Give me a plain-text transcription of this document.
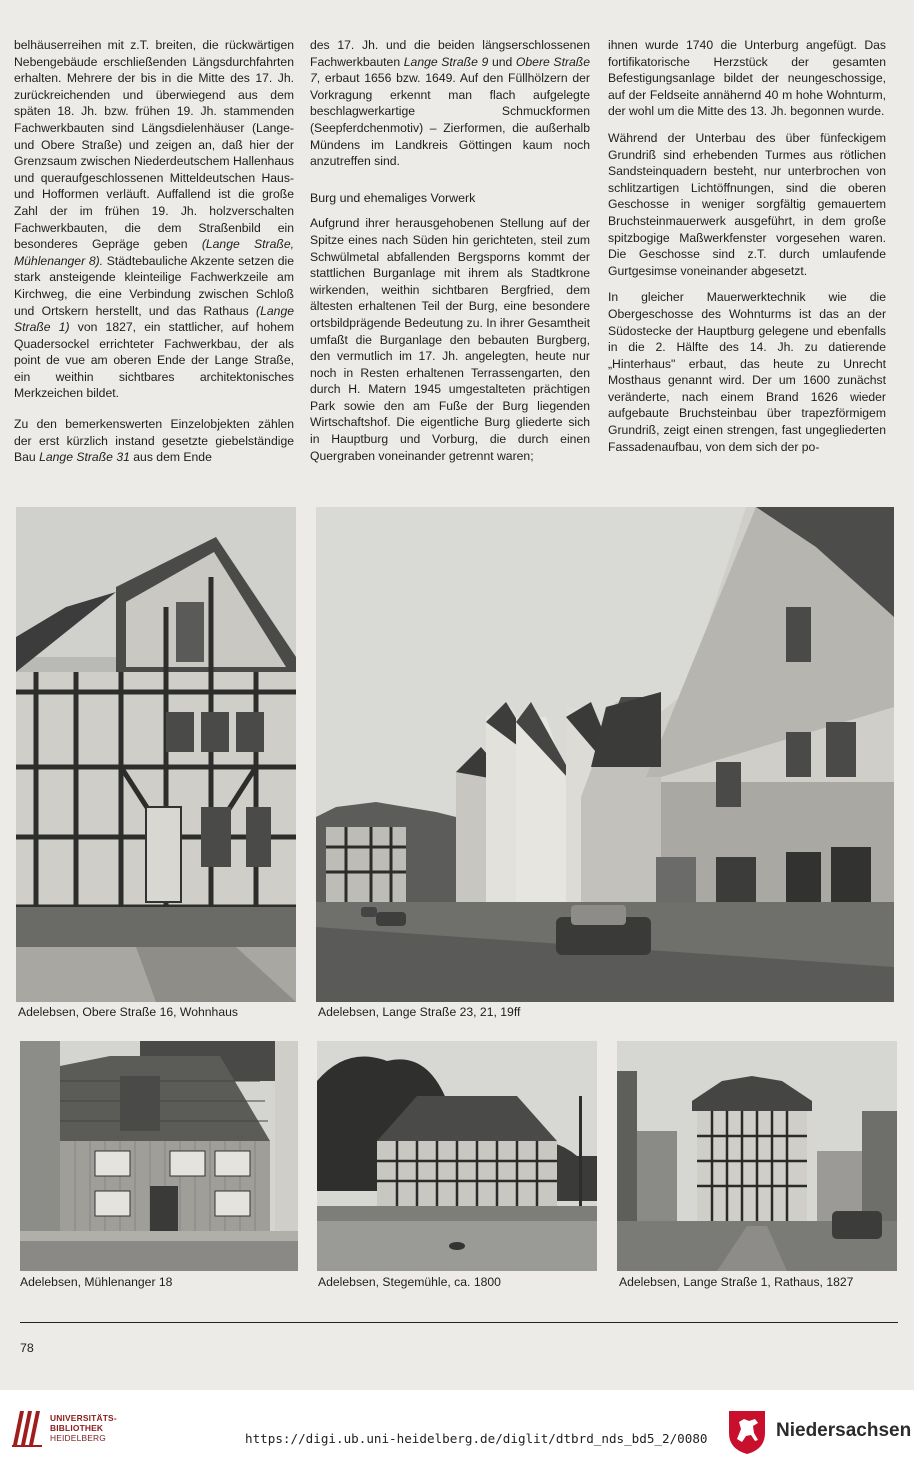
belhäuserreihen mit z.T. breiten, die rückwärtigen Nebengebäude erschließenden Längsdurchfahrten erhalten. Mehrere der bis in die Mitte des 17. Jh. zurückreichenden und überwiegend aus dem späten 18. Jh. bzw. frühen 19. Jh. stammenden Fachwerkbauten sind Längsdielenhäuser (Lange- und Obere Straße) und zeigen an, daß hier der Grenzsaum zwischen Niederdeutschem Hallenhaus und queraufgeschlossenen Mitteldeutschen Haus- und Hofformen verläuft. Auffallend ist die große Zahl der im frühen 19. Jh. holzverschalten Fachwerkbauten, die dem Straßenbild ein besonderes Gepräge geben (Lange Straße, Mühlenanger 8). Städtebauliche Akzente setzen die stark ansteigende kleinteilige Fachwerkzeile am Kirchweg, die eine Verbindung zwischen Schloß und Ortskern herstellt, und das Rathaus (Lange Straße 1) von 1827, ein stattlicher, auf hohem Quadersockel errichteter Fachwerkbau, der als point de vue am oberen Ende der Lange Straße, ein weithin sichtbares architektonisches Merkzeichen bildet.

Zu den bemerkenswerten Einzelobjekten zählen der erst kürzlich instand gesetzte giebelständige Bau Lange Straße 31 aus dem Ende

des 17. Jh. und die beiden längserschlossenen Fachwerkbauten Lange Straße 9 und Obere Straße 7, erbaut 1656 bzw. 1649. Auf den Füllhölzern der Vorkragung erkennt man flach aufgelegte beschlagwerkartige Schmuckformen (Seepferdchenmotiv) – Zierformen, die außerhalb Mündens im Landkreis Göttingen kaum noch anzutreffen sind.

Burg und ehemaliges Vorwerk

Aufgrund ihrer herausgehobenen Stellung auf der Spitze eines nach Süden hin gerichteten, steil zum Schwülmetal abfallenden Bergsporns kommt der stattlichen Burganlage mit ihrem als Stadtkrone wirkenden, weithin sichtbaren Bergfried, dem ältesten erhaltenen Teil der Burg, eine besondere ortsbildprägende Bedeutung zu. In ihrer Gesamtheit umfaßt die Burganlage den bebauten Burgberg, den vermutlich im 17. Jh. angelegten, heute nur noch in Resten erhaltenen Terrassengarten, den durch H. Matern 1945 umgestalteten prächtigen Park sowie den am Fuße der Burg liegenden Wirtschaftshof. Die eigentliche Burg gliederte sich in Hauptburg und Vorburg, die durch einen Quergraben voneinander getrennt waren;

ihnen wurde 1740 die Unterburg angefügt. Das fortifikatorische Herzstück der gesamten Befestigungsanlage bildet der neungeschossige, auf der Feldseite annähernd 40 m hohe Wohnturm, der wohl um die Mitte des 13. Jh. begonnen wurde.

Während der Unterbau des über fünfeckigem Grundriß sind erhebenden Turmes aus rötlichen Sandsteinquadern besteht, nur unterbrochen von schlitzartigen Lichtöffnungen, sind die oberen Geschosse in weniger sorgfältig gemauertem Bruchsteinmauerwerk ausgeführt, in dem große spitzbogige Maßwerkfenster vorgesehen waren. Die Geschosse sind z.T. durch umlaufende Gurtgesimse voneinander abgesetzt.

In gleicher Mauerwerktechnik wie die Obergeschosse des Wohnturms ist das an der Südostecke der Hauptburg gelegene und ebenfalls in die 2. Hälfte des 14. Jh. zu datierende „Hinterhaus" erbaut, das heute zu Unrecht Mosthaus genannt wird. Der um 1600 zunächst veränderte, nach einem Brand 1626 wieder aufgebaute Bruchsteinbau über trapezförmigem Grundriß, zeigt einen strengen, fast ungegliederten Fassadenaufbau, von dem sich der po-

Adelebsen, Obere Straße 16, Wohnhaus	Adelebsen, Lange Straße 23, 21, 19ff
Adelebsen, Mühlenanger 18	Adelebsen, Stegemühle, ca. 1800	Adelebsen, Lange Straße 1, Rathaus, 1827
78
UNIVERSITÄTS-
BIBLIOTHEK
HEIDELBERG	https://digi.ub.uni-heidelberg.de/diglit/dtbrd_nds_bd5_2/0080	Niedersachsen
